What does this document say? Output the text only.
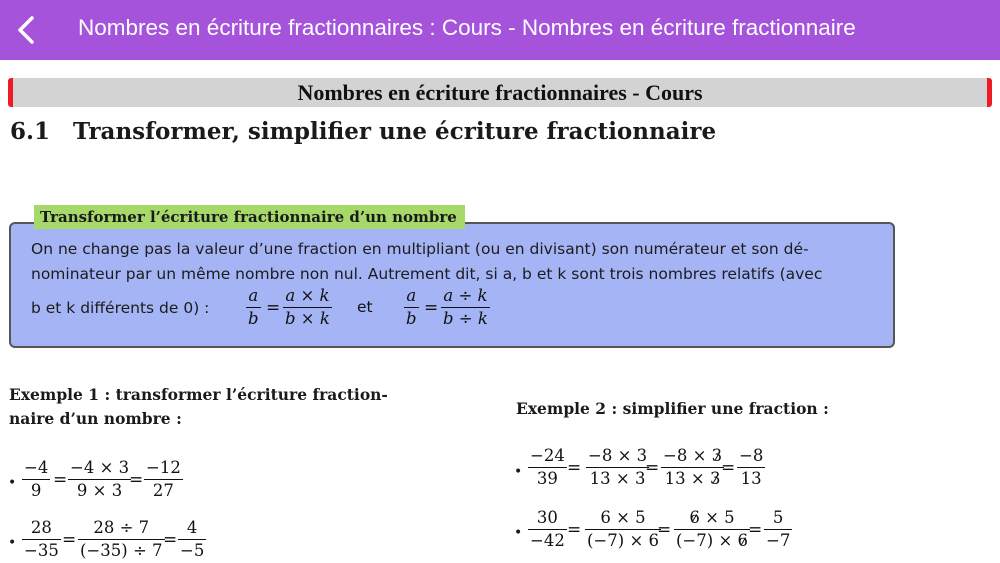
Nombres en écriture fractionnaires : Cours - Nombres en écriture fractionnaire
Nombres en écriture fractionnaires - Cours
6.1 Transformer, simplifier une écriture fractionnaire
Transformer l’écriture fractionnaire d’un nombre
On ne change pas la valeur d’une fraction en multipliant (ou en divisant) son numérateur et son dé-
nominateur par un même nombre non nul. Autrement dit, si a, b et k sont trois nombres relatifs (avec
b et k différents de 0) : $\frac{a}{b} = \frac{a \times k}{b \times k}$ et $\frac{a}{b} = \frac{a \div k}{b \div k}$
Exemple 1 : transformer l’écriture fraction-
naire d’un nombre :
• $\frac{-4}{9} = \frac{-4 \times 3}{9 \times 3}$
= $\frac{-12}{27}$
• $\frac{28}{-35} = \frac{28 \div 7}{(-35) \div 7}$
= $\frac{4}{-5}$
Exemple 2 : simplifier une fraction :
• $\frac{-24}{39} = \frac{-8 \times 3}{13 \times 3}$
= $\frac{-8 \times 3}{13 \times 3}$
= $\frac{-8}{13}$
• $\frac{30}{-42} = \frac{6 \times 5}{(-7) \times 6}$
= $\frac{6 \times 5}{(-7) \times 6}$
= $\frac{5}{-7}$
